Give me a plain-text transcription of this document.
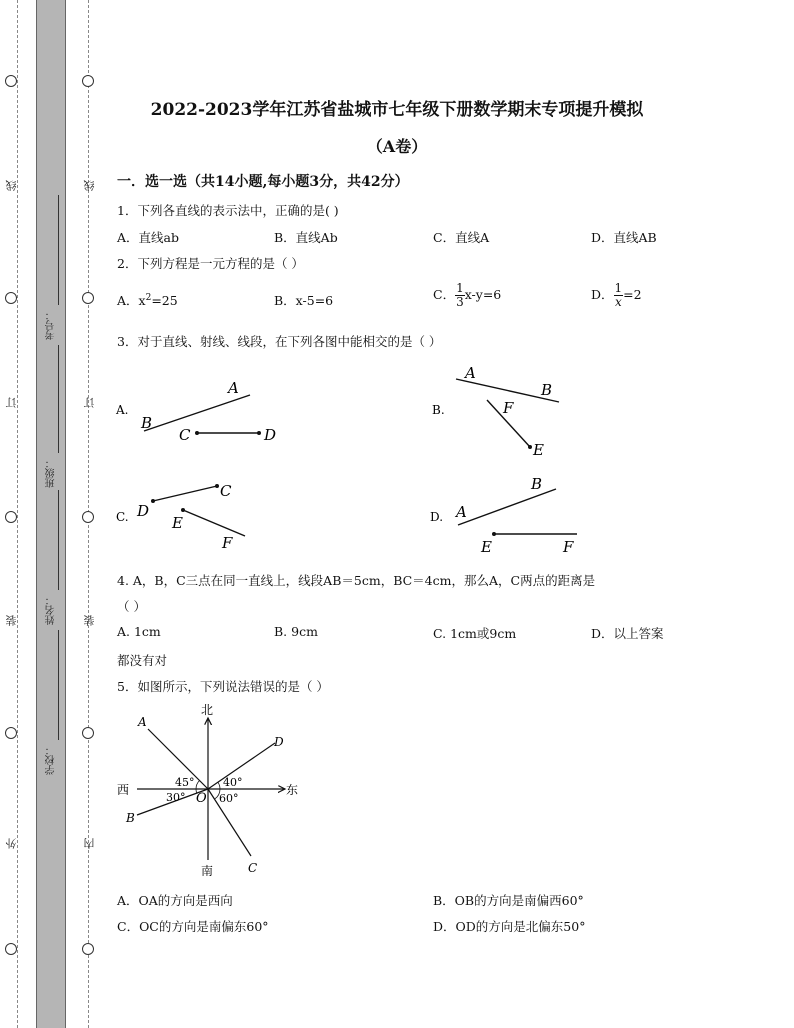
线
订
装
外
线
订
装
内
考号：
班级：
姓名：
学校：
2022-2023学年江苏省盐城市七年级下册数学期末专项提升模拟
（A卷）
一．选一选（共14小题,每小题3分，共42分）
1．下列各直线的表示法中，正确的是( )
A．直线ab	B．直线Ab	C．直线A	D．直线AB
2．下列方程是一元方程的是（ ）
A．$x^2=25$	B．x-5=6	C． $\frac{1}{3} x-y=6$	D． $\frac{1}{x} =2$
3．对于直线、射线、线段，在下列各图中能相交的是（ ）
A.
A
B
C	D
B.
A
B
F
E
C.
C
D
E
F
D.
B
A
E	F
4. A，B，C三点在同一直线上，线段AB＝5cm，BC＝4cm，那么A，C两点的距离是
（ ）
A. 1cm	B. 9cm	C. 1cm或9cm	D．以上答案
都没有对
5．如图所示，下列说法错误的是（ ）
北
南
西	东
O
A
B
C
D
45°
30°
40°
60°
A．OA的方向是西向	B．OB的方向是南偏西60°
C．OC的方向是南偏东60°	D．OD的方向是北偏东50°
